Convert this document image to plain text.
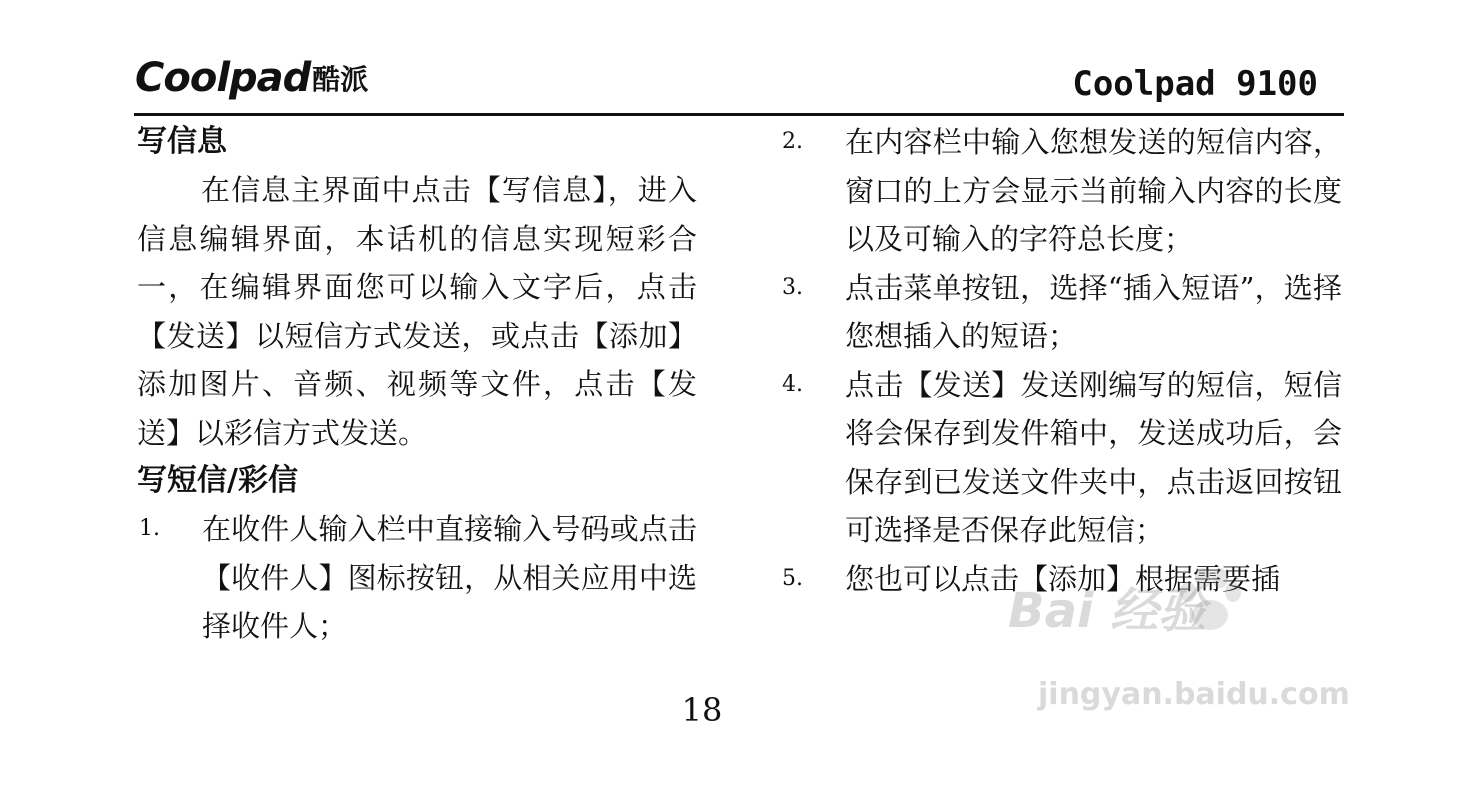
Coolpad酷派	Coolpad 9100
写信息

在信息主界面中点击【写信息】，进入信息编辑界面，本话机的信息实现短彩合一，在编辑界面您可以输入文字后，点击【发送】以短信方式发送，或点击【添加】添加图片、音频、视频等文件，点击【发送】以彩信方式发送。

写短信/彩信
1. 在收件人输入栏中直接输入号码或点击【收件人】图标按钮，从相关应用中选择收件人；
2. 在内容栏中输入您想发送的短信内容，窗口的上方会显示当前输入内容的长度以及可输入的字符总长度；
3. 点击菜单按钮，选择“插入短语”，选择您想插入的短语；
4. 点击【发送】发送刚编写的短信，短信将会保存到发件箱中，发送成功后，会保存到已发送文件夹中，点击返回按钮可选择是否保存此短信；
5. 您也可以点击【添加】根据需要插
18
Bai 经验
jingyan.baidu.com
